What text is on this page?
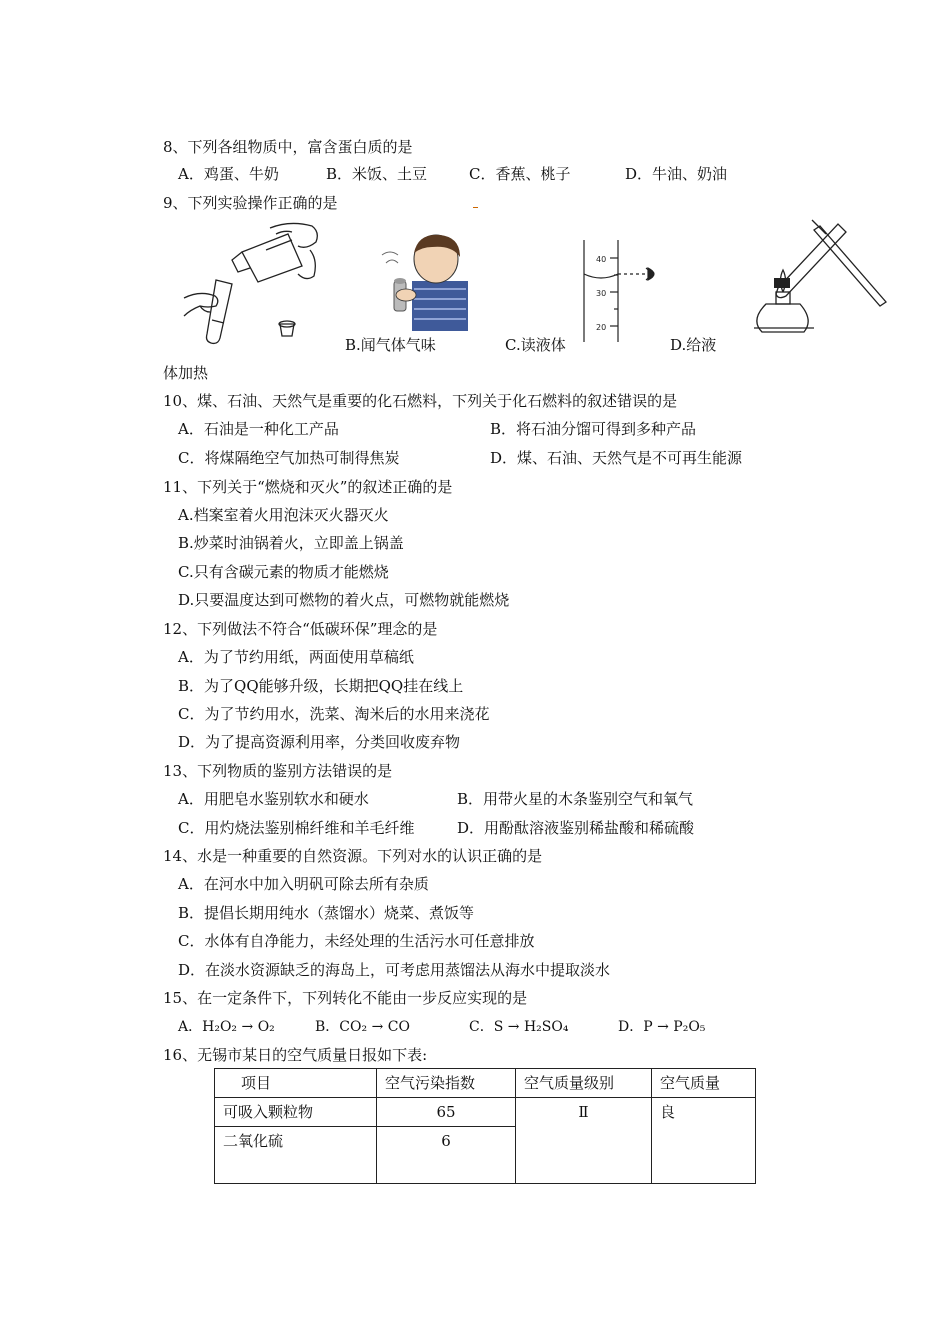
8、下列各组物质中，富含蛋白质的是
A．鸡蛋、牛奶	B．米饭、土豆	C．香蕉、桃子	D．牛油、奶油
9、下列实验操作正确的是
B.闻气体气味
40
30
20
C.读液体	D.给液
体加热
10、煤、石油、天然气是重要的化石燃料，下列关于化石燃料的叙述错误的是
A．石油是一种化工产品	B．将石油分馏可得到多种产品
C．将煤隔绝空气加热可制得焦炭	D．煤、石油、天然气是不可再生能源
11、下列关于“燃烧和灭火”的叙述正确的是
A.档案室着火用泡沫灭火器灭火
B.炒菜时油锅着火，立即盖上锅盖
C.只有含碳元素的物质才能燃烧
D.只要温度达到可燃物的着火点，可燃物就能燃烧
12、下列做法不符合“低碳环保”理念的是
A．为了节约用纸，两面使用草稿纸
B．为了QQ能够升级，长期把QQ挂在线上
C．为了节约用水，洗菜、淘米后的水用来浇花
D．为了提高资源利用率，分类回收废弃物
13、下列物质的鉴别方法错误的是
A．用肥皂水鉴别软水和硬水	B．用带火星的木条鉴别空气和氧气
C．用灼烧法鉴别棉纤维和羊毛纤维	D．用酚酞溶液鉴别稀盐酸和稀硫酸
14、水是一种重要的自然资源。下列对水的认识正确的是
A．在河水中加入明矾可除去所有杂质
B．提倡长期用纯水（蒸馏水）烧菜、煮饭等
C．水体有自净能力，未经处理的生活污水可任意排放
D．在淡水资源缺乏的海岛上，可考虑用蒸馏法从海水中提取淡水
15、在一定条件下，下列转化不能由一步反应实现的是
A．H₂O₂ → O₂	B．CO₂ → CO	C．S → H₂SO₄	D．P → P₂O₅
16、无锡市某日的空气质量日报如下表:
项目	空气污染指数	空气质量级别	空气质量
可吸入颗粒物	65	Ⅱ	良
二氧化硫	6		
